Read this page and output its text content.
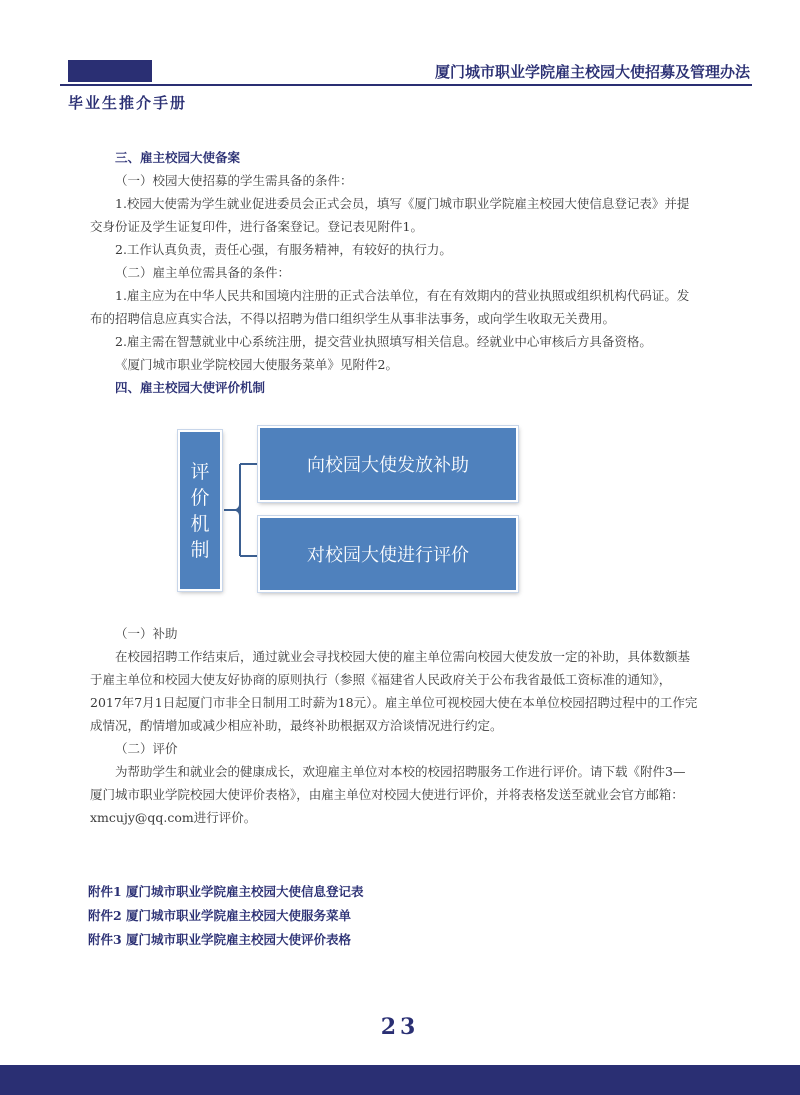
厦门城市职业学院雇主校园大使招募及管理办法
毕业生推介手册

三、雇主校园大使备案

（一）校园大使招募的学生需具备的条件：

1.校园大使需为学生就业促进委员会正式会员，填写《厦门城市职业学院雇主校园大使信息登记表》并提

交身份证及学生证复印件，进行备案登记。登记表见附件1。

2.工作认真负责，责任心强，有服务精神，有较好的执行力。

（二）雇主单位需具备的条件：

1.雇主应为在中华人民共和国境内注册的正式合法单位，有在有效期内的营业执照或组织机构代码证。发

布的招聘信息应真实合法，不得以招聘为借口组织学生从事非法事务，或向学生收取无关费用。

2.雇主需在智慧就业中心系统注册，提交营业执照填写相关信息。经就业中心审核后方具备资格。

《厦门城市职业学院校园大使服务菜单》见附件2。

四、雇主校园大使评价机制

评价机制
向校园大使发放补助
对校园大使进行评价

（一）补助

在校园招聘工作结束后，通过就业会寻找校园大使的雇主单位需向校园大使发放一定的补助，具体数额基

于雇主单位和校园大使友好协商的原则执行（参照《福建省人民政府关于公布我省最低工资标准的通知》，

2017年7月1日起厦门市非全日制用工时薪为18元）。雇主单位可视校园大使在本单位校园招聘过程中的工作完

成情况，酌情增加或减少相应补助，最终补助根据双方洽谈情况进行约定。

（二）评价

为帮助学生和就业会的健康成长，欢迎雇主单位对本校的校园招聘服务工作进行评价。请下载《附件3—

厦门城市职业学院校园大使评价表格》，由雇主单位对校园大使进行评价，并将表格发送至就业会官方邮箱：

xmcujy@qq.com进行评价。

附件1 厦门城市职业学院雇主校园大使信息登记表
附件2 厦门城市职业学院雇主校园大使服务菜单
附件3 厦门城市职业学院雇主校园大使评价表格
23
